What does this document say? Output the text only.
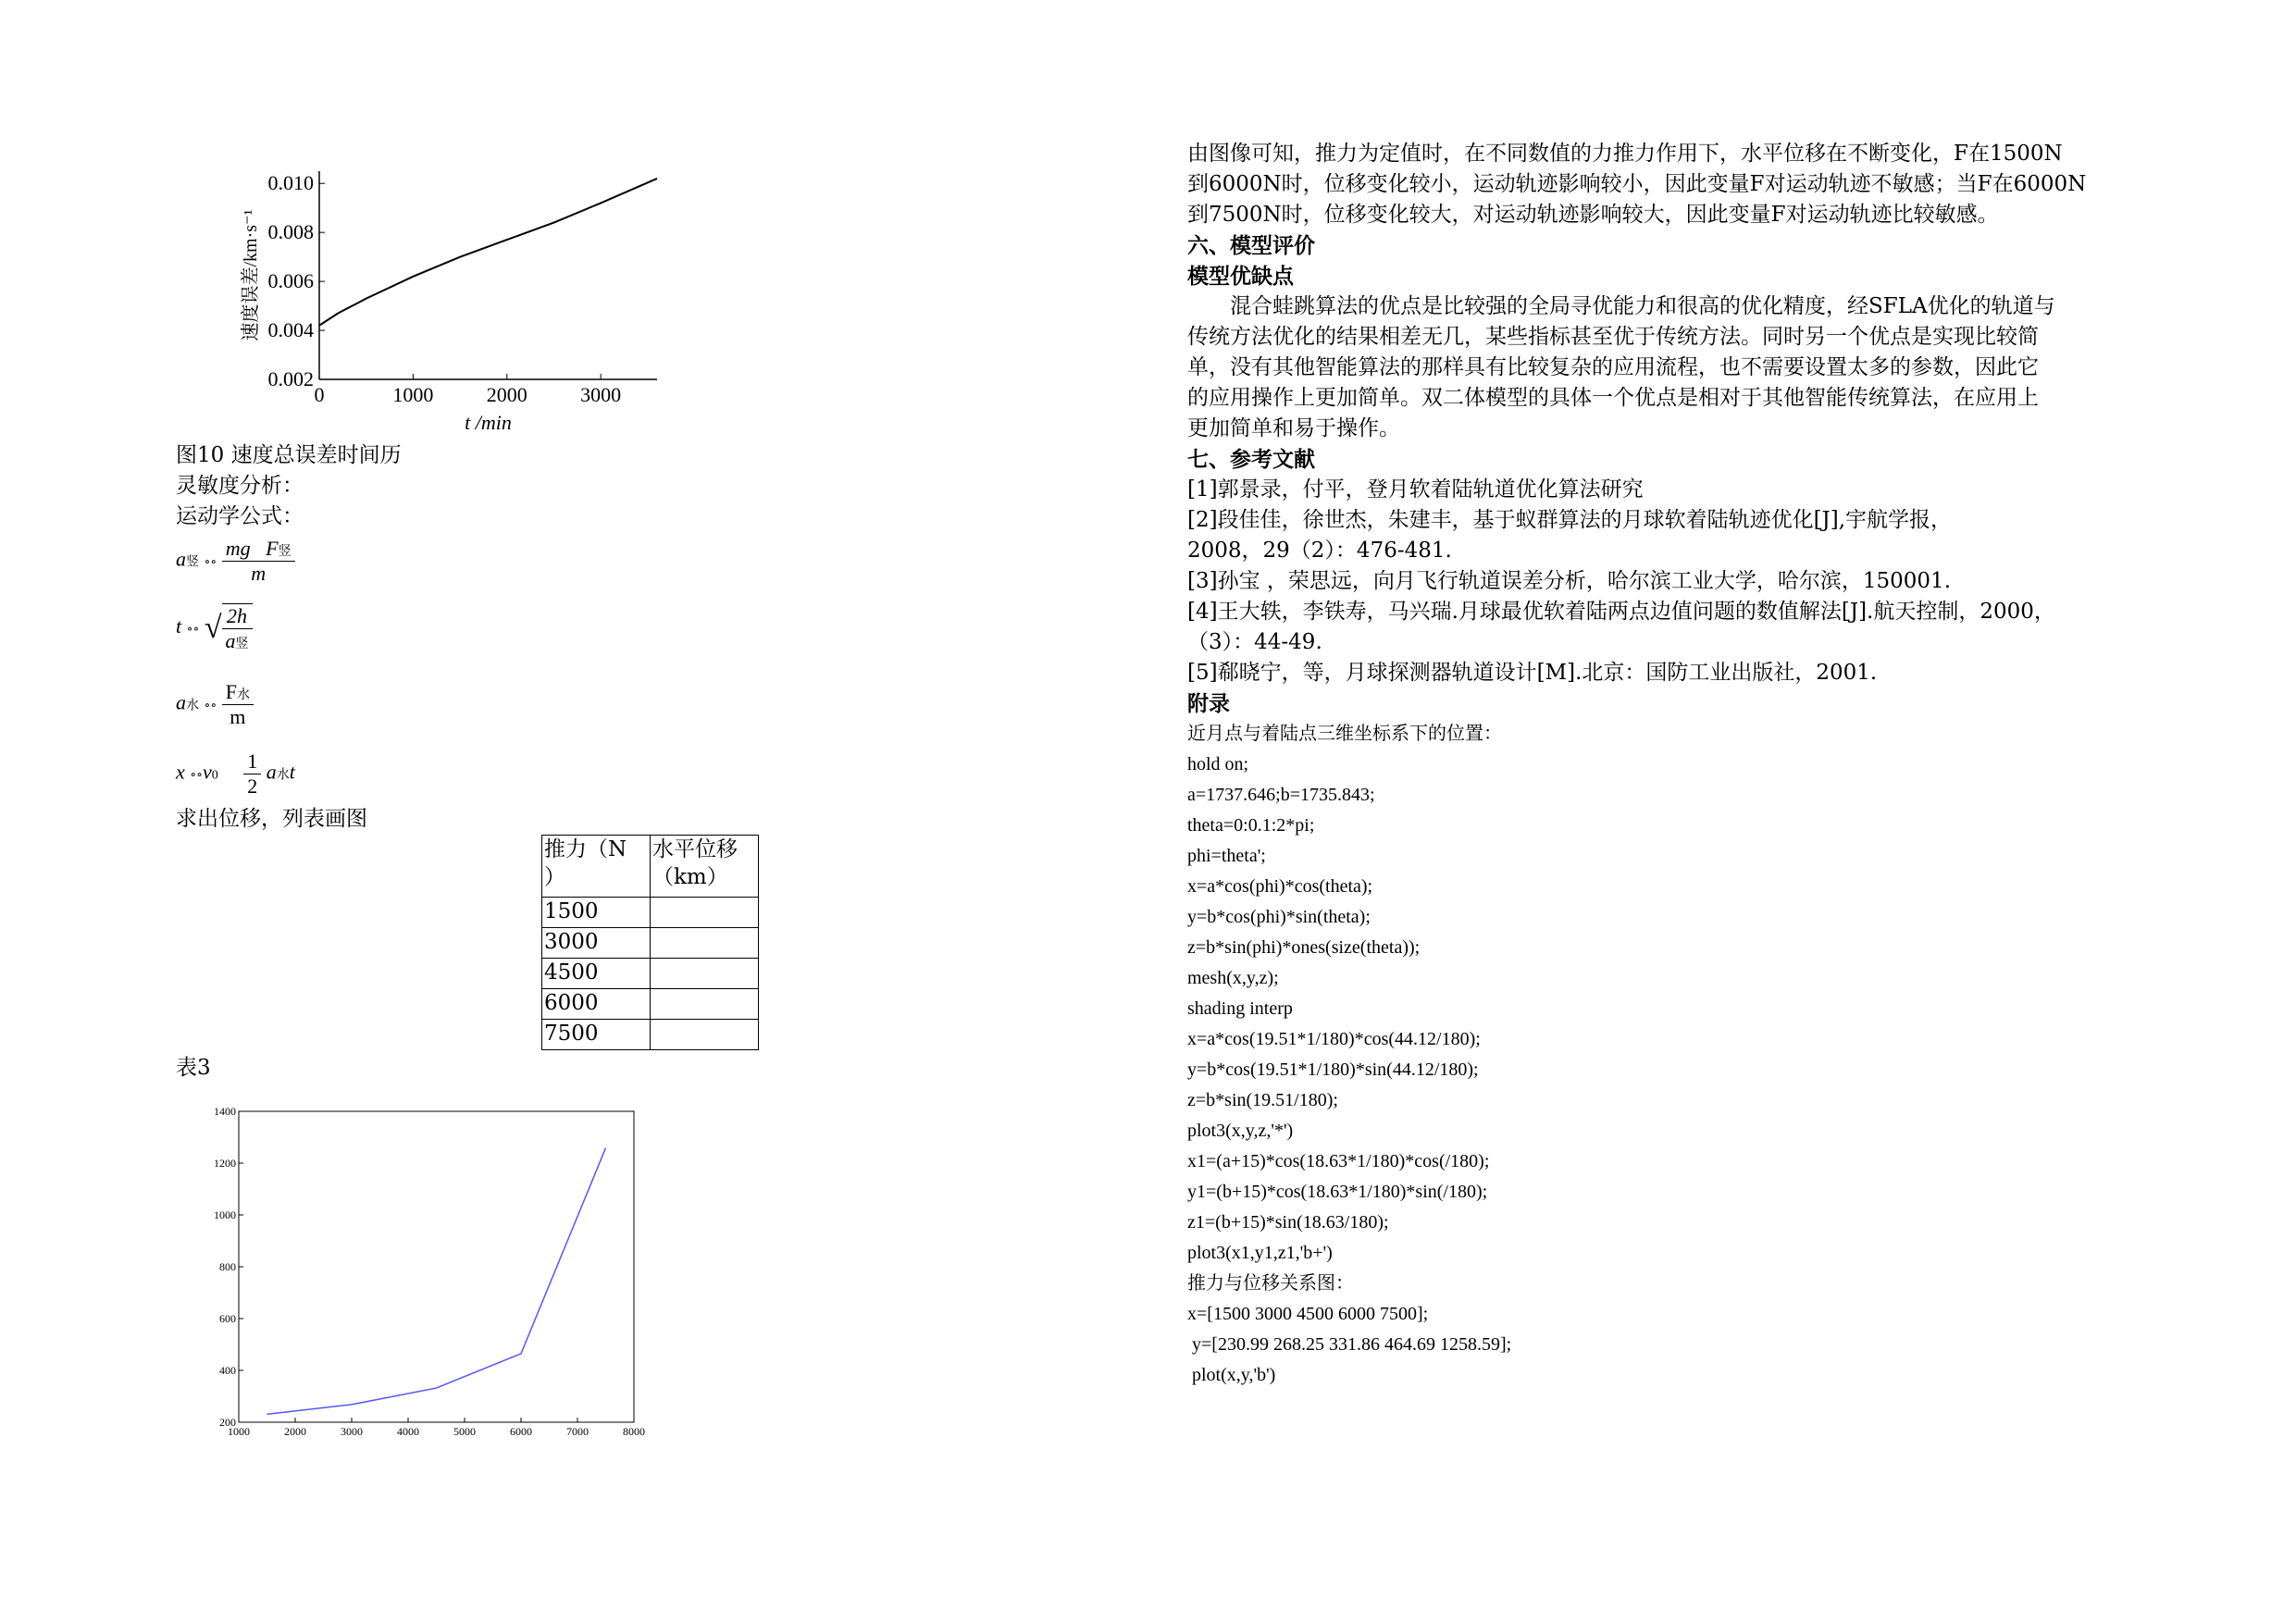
0.002
0.004
0.006
0.008
0.010
0	1000	2000	3000
t /min
速度误差/km·s⁻¹
图10 速度总误差时间历
灵敏度分析：
运动学公式：
a竖 ∘∘ $\frac{\text{mg F竖}}{m}$
t ∘∘ √ $\frac{2h}{\text{a竖}}$
a水 ∘∘ $\frac{\text{F水}}{m}$
x ∘∘v0 $\frac{1}{2}$ a水t
求出位移，列表画图
推力（N
）	水平位移
（km）
1500	
3000	
4500	
6000	
7500	
表3
200
400
600
800
1000
1200
1400
1000	2000	3000	4000	5000	6000	7000	8000
由图像可知，推力为定值时，在不同数值的力推力作用下，水平位移在不断变化，F在1500N
到6000N时，位移变化较小，运动轨迹影响较小，因此变量F对运动轨迹不敏感；当F在6000N
到7500N时，位移变化较大，对运动轨迹影响较大，因此变量F对运动轨迹比较敏感。
六、模型评价
模型优缺点
混合蛙跳算法的优点是比较强的全局寻优能力和很高的优化精度，经SFLA优化的轨道与
传统方法优化的结果相差无几，某些指标甚至优于传统方法。同时另一个优点是实现比较简
单，没有其他智能算法的那样具有比较复杂的应用流程，也不需要设置太多的参数，因此它
的应用操作上更加简单。双二体模型的具体一个优点是相对于其他智能传统算法，在应用上
更加简单和易于操作。
七、参考文献
[1]郭景录，付平，登月软着陆轨道优化算法研究
[2]段佳佳，徐世杰，朱建丰，基于蚁群算法的月球软着陆轨迹优化[J],宇航学报，
2008，29（2）：476-481.
[3]孙宝 ，荣思远，向月飞行轨道误差分析，哈尔滨工业大学，哈尔滨，150001.
[4]王大轶，李铁寿，马兴瑞.月球最优软着陆两点边值问题的数值解法[J].航天控制，2000，
（3）：44-49.
[5]郗晓宁，等，月球探测器轨道设计[M].北京：国防工业出版社，2001.
附录
近月点与着陆点三维坐标系下的位置：
hold on;
a=1737.646;b=1735.843;
theta=0:0.1:2*pi;
phi=theta';
x=a*cos(phi)*cos(theta);
y=b*cos(phi)*sin(theta);
z=b*sin(phi)*ones(size(theta));
mesh(x,y,z);
shading interp
x=a*cos(19.51*1/180)*cos(44.12/180);
y=b*cos(19.51*1/180)*sin(44.12/180);
z=b*sin(19.51/180);
plot3(x,y,z,'*')
x1=(a+15)*cos(18.63*1/180)*cos(/180);
y1=(b+15)*cos(18.63*1/180)*sin(/180);
z1=(b+15)*sin(18.63/180);
plot3(x1,y1,z1,'b+')
推力与位移关系图：
x=[1500 3000 4500 6000 7500];
y=[230.99 268.25 331.86 464.69 1258.59];
plot(x,y,'b')
